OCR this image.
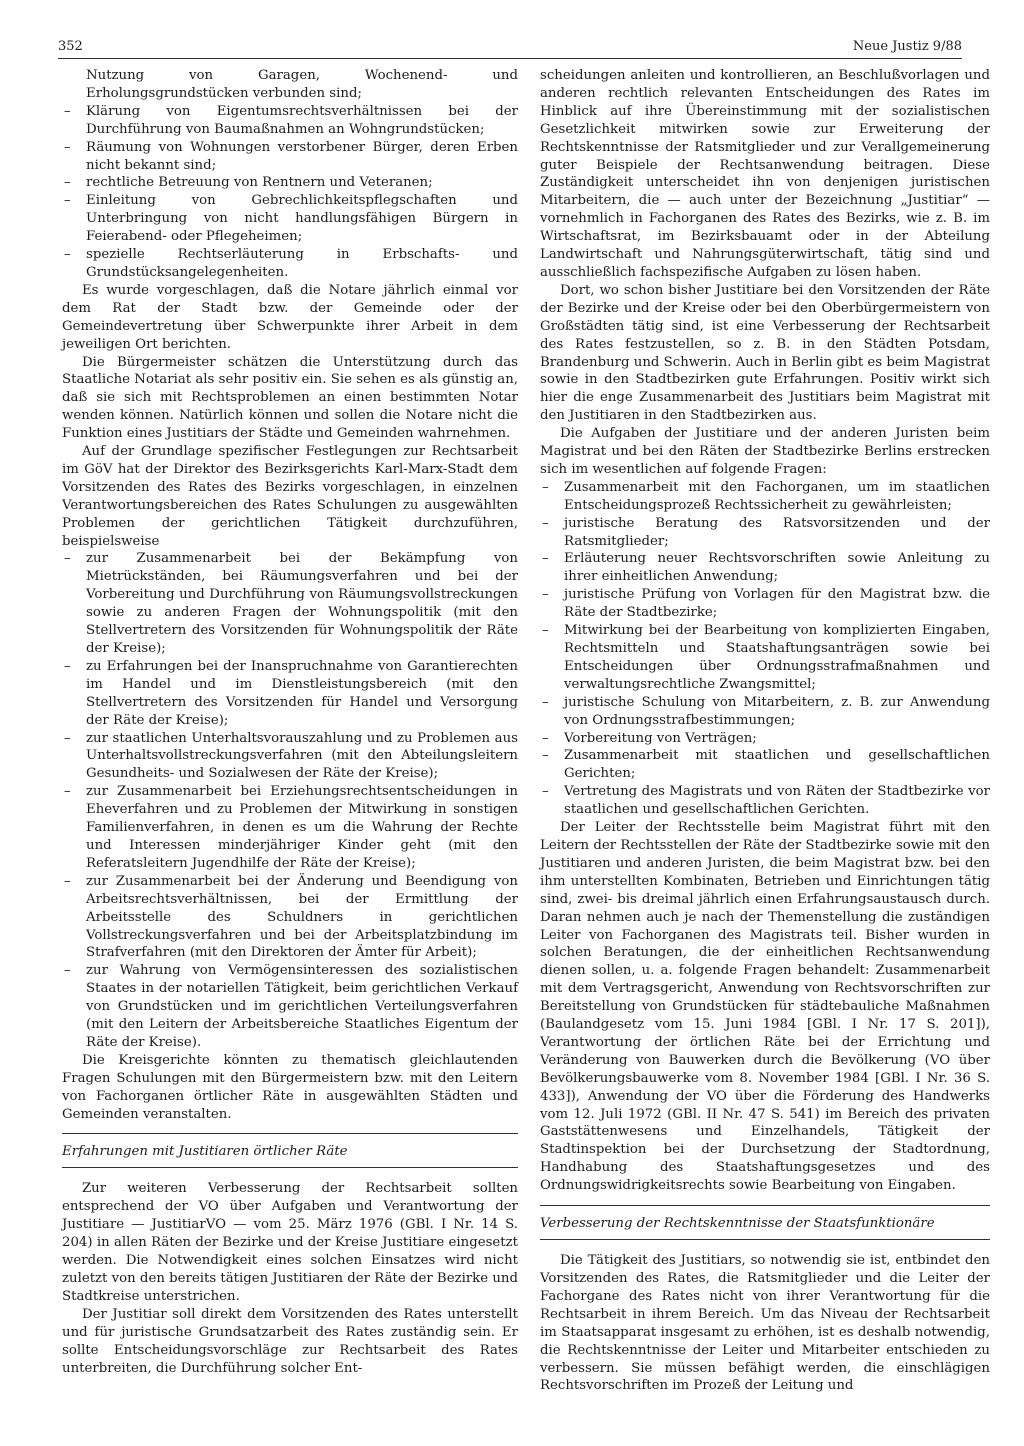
352	Neue Justiz 9/88

Nutzung von Garagen, Wochenend- und Erholungsgrundstücken verbunden sind;

– Klärung von Eigentumsrechtsverhältnissen bei der Durchführung von Baumaßnahmen an Wohngrundstücken;
– Räumung von Wohnungen verstorbener Bürger, deren Erben nicht bekannt sind;
– rechtliche Betreuung von Rentnern und Veteranen;
– Einleitung von Gebrechlichkeitspflegschaften und Unterbringung von nicht handlungsfähigen Bürgern in Feierabend- oder Pflegeheimen;
– spezielle Rechtserläuterung in Erbschafts- und Grundstücksangelegenheiten.

Es wurde vorgeschlagen, daß die Notare jährlich einmal vor dem Rat der Stadt bzw. der Gemeinde oder der Gemeindevertretung über Schwerpunkte ihrer Arbeit in dem jeweiligen Ort berichten.

Die Bürgermeister schätzen die Unterstützung durch das Staatliche Notariat als sehr positiv ein. Sie sehen es als günstig an, daß sie sich mit Rechtsproblemen an einen bestimmten Notar wenden können. Natürlich können und sollen die Notare nicht die Funktion eines Justitiars der Städte und Gemeinden wahrnehmen.

Auf der Grundlage spezifischer Festlegungen zur Rechtsarbeit im GöV hat der Direktor des Bezirksgerichts Karl-Marx-Stadt dem Vorsitzenden des Rates des Bezirks vorgeschlagen, in einzelnen Verantwortungsbereichen des Rates Schulungen zu ausgewählten Problemen der gerichtlichen Tätigkeit durchzuführen, beispielsweise

– zur Zusammenarbeit bei der Bekämpfung von Mietrückständen, bei Räumungsverfahren und bei der Vorbereitung und Durchführung von Räumungsvollstreckungen sowie zu anderen Fragen der Wohnungspolitik (mit den Stellvertretern des Vorsitzenden für Wohnungspolitik der Räte der Kreise);
– zu Erfahrungen bei der Inanspruchnahme von Garantierechten im Handel und im Dienstleistungsbereich (mit den Stellvertretern des Vorsitzenden für Handel und Versorgung der Räte der Kreise);
– zur staatlichen Unterhaltsvorauszahlung und zu Problemen aus Unterhaltsvollstreckungsverfahren (mit den Abteilungsleitern Gesundheits- und Sozialwesen der Räte der Kreise);
– zur Zusammenarbeit bei Erziehungsrechtsentscheidungen in Eheverfahren und zu Problemen der Mitwirkung in sonstigen Familienverfahren, in denen es um die Wahrung der Rechte und Interessen minderjähriger Kinder geht (mit den Referatsleitern Jugendhilfe der Räte der Kreise);
– zur Zusammenarbeit bei der Änderung und Beendigung von Arbeitsrechtsverhältnissen, bei der Ermittlung der Arbeitsstelle des Schuldners in gerichtlichen Vollstreckungsverfahren und bei der Arbeitsplatzbindung im Strafverfahren (mit den Direktoren der Ämter für Arbeit);
– zur Wahrung von Vermögensinteressen des sozialistischen Staates in der notariellen Tätigkeit, beim gerichtlichen Verkauf von Grundstücken und im gerichtlichen Verteilungsverfahren (mit den Leitern der Arbeitsbereiche Staatliches Eigentum der Räte der Kreise).

Die Kreisgerichte könnten zu thematisch gleichlautenden Fragen Schulungen mit den Bürgermeistern bzw. mit den Leitern von Fachorganen örtlicher Räte in ausgewählten Städten und Gemeinden veranstalten.

Erfahrungen mit Justitiaren örtlicher Räte

Zur weiteren Verbesserung der Rechtsarbeit sollten entsprechend der VO über Aufgaben und Verantwortung der Justitiare — JustitiarVO — vom 25. März 1976 (GBl. I Nr. 14 S. 204) in allen Räten der Bezirke und der Kreise Justitiare eingesetzt werden. Die Notwendigkeit eines solchen Einsatzes wird nicht zuletzt von den bereits tätigen Justitiaren der Räte der Bezirke und Stadtkreise unterstrichen.

Der Justitiar soll direkt dem Vorsitzenden des Rates unterstellt und für juristische Grundsatzarbeit des Rates zuständig sein. Er sollte Entscheidungsvorschläge zur Rechtsarbeit des Rates unterbreiten, die Durchführung solcher Ent-

scheidungen anleiten und kontrollieren, an Beschlußvorlagen und anderen rechtlich relevanten Entscheidungen des Rates im Hinblick auf ihre Übereinstimmung mit der sozialistischen Gesetzlichkeit mitwirken sowie zur Erweiterung der Rechtskenntnisse der Ratsmitglieder und zur Verallgemeinerung guter Beispiele der Rechtsanwendung beitragen. Diese Zuständigkeit unterscheidet ihn von denjenigen juristischen Mitarbeitern, die — auch unter der Bezeichnung „Justitiar“ — vornehmlich in Fachorganen des Rates des Bezirks, wie z. B. im Wirtschaftsrat, im Bezirksbauamt oder in der Abteilung Landwirtschaft und Nahrungsgüterwirtschaft, tätig sind und ausschließlich fachspezifische Aufgaben zu lösen haben.

Dort, wo schon bisher Justitiare bei den Vorsitzenden der Räte der Bezirke und der Kreise oder bei den Oberbürgermeistern von Großstädten tätig sind, ist eine Verbesserung der Rechtsarbeit des Rates festzustellen, so z. B. in den Städten Potsdam, Brandenburg und Schwerin. Auch in Berlin gibt es beim Magistrat sowie in den Stadtbezirken gute Erfahrungen. Positiv wirkt sich hier die enge Zusammenarbeit des Justitiars beim Magistrat mit den Justitiaren in den Stadtbezirken aus.

Die Aufgaben der Justitiare und der anderen Juristen beim Magistrat und bei den Räten der Stadtbezirke Berlins erstrecken sich im wesentlichen auf folgende Fragen:

– Zusammenarbeit mit den Fachorganen, um im staatlichen Entscheidungsprozeß Rechtssicherheit zu gewährleisten;
– juristische Beratung des Ratsvorsitzenden und der Ratsmitglieder;
– Erläuterung neuer Rechtsvorschriften sowie Anleitung zu ihrer einheitlichen Anwendung;
– juristische Prüfung von Vorlagen für den Magistrat bzw. die Räte der Stadtbezirke;
– Mitwirkung bei der Bearbeitung von komplizierten Eingaben, Rechtsmitteln und Staatshaftungsanträgen sowie bei Entscheidungen über Ordnungsstrafmaßnahmen und verwaltungsrechtliche Zwangsmittel;
– juristische Schulung von Mitarbeitern, z. B. zur Anwendung von Ordnungsstrafbestimmungen;
– Vorbereitung von Verträgen;
– Zusammenarbeit mit staatlichen und gesellschaftlichen Gerichten;
– Vertretung des Magistrats und von Räten der Stadtbezirke vor staatlichen und gesellschaftlichen Gerichten.

Der Leiter der Rechtsstelle beim Magistrat führt mit den Leitern der Rechtsstellen der Räte der Stadtbezirke sowie mit den Justitiaren und anderen Juristen, die beim Magistrat bzw. bei den ihm unterstellten Kombinaten, Betrieben und Einrichtungen tätig sind, zwei- bis dreimal jährlich einen Erfahrungsaustausch durch. Daran nehmen auch je nach der Themenstellung die zuständigen Leiter von Fachorganen des Magistrats teil. Bisher wurden in solchen Beratungen, die der einheitlichen Rechtsanwendung dienen sollen, u. a. folgende Fragen behandelt: Zusammenarbeit mit dem Vertragsgericht, Anwendung von Rechtsvorschriften zur Bereitstellung von Grundstücken für städtebauliche Maßnahmen (Baulandgesetz vom 15. Juni 1984 [GBl. I Nr. 17 S. 201]), Verantwortung der örtlichen Räte bei der Errichtung und Veränderung von Bauwerken durch die Bevölkerung (VO über Bevölkerungsbauwerke vom 8. November 1984 [GBl. I Nr. 36 S. 433]), Anwendung der VO über die Förderung des Handwerks vom 12. Juli 1972 (GBl. II Nr. 47 S. 541) im Bereich des privaten Gaststättenwesens und Einzelhandels, Tätigkeit der Stadtinspektion bei der Durchsetzung der Stadtordnung, Handhabung des Staatshaftungsgesetzes und des Ordnungswidrigkeitsrechts sowie Bearbeitung von Eingaben.

Verbesserung der Rechtskenntnisse der Staatsfunktionäre

Die Tätigkeit des Justitiars, so notwendig sie ist, entbindet den Vorsitzenden des Rates, die Ratsmitglieder und die Leiter der Fachorgane des Rates nicht von ihrer Verantwortung für die Rechtsarbeit in ihrem Bereich. Um das Niveau der Rechtsarbeit im Staatsapparat insgesamt zu erhöhen, ist es deshalb notwendig, die Rechtskenntnisse der Leiter und Mitarbeiter entschieden zu verbessern. Sie müssen befähigt werden, die einschlägigen Rechtsvorschriften im Prozeß der Leitung und
